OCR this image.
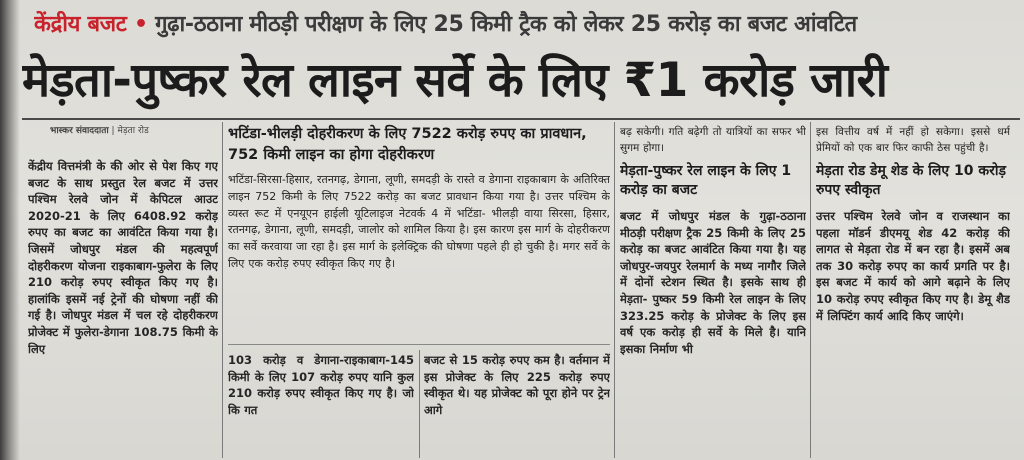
केंद्रीय बजट • गुढ़ा-ठठाना मीठड़ी परीक्षण के लिए 25 किमी ट्रैक को लेकर 25 करोड़ का बजट आंवटित
मेड़ता-पुष्कर रेल लाइन सर्वे के लिए ₹1 करोड़ जारी
भास्कर संवाददाता | मेड़ता रोड

केंद्रीय वित्तमंत्री के की ओर से पेश किए गए बजट के साथ प्रस्तुत रेल बजट में उत्तर पश्चिम रेलवे जोन में केपिटल आउट 2020-21 के लिए 6408.92 करोड़ रुपए का बजट का आवंटित किया गया है। जिसमें जोधपुर मंडल की महत्वपूर्ण दोहरीकरण योजना राइकाबाग-फुलेरा के लिए 210 करोड़ रुपए स्वीकृत किए गए है। हालांकि इसमें नई ट्रेनों की घोषणा नहीं की गई है। जोधपुर मंडल में चल रहे दोहरीकरण प्रोजेक्ट में फुलेरा-डेगाना 108.75 किमी के लिए

भटिंडा-भीलड़ी दोहरीकरण के लिए 7522 करोड़ रुपए का प्रावधान, 752 किमी लाइन का होगा दोहरीकरण

भटिंडा-सिरसा-हिसार, रतनगढ़, डेगाना, लूणी, समदड़ी के रास्ते व डेगाना राइकाबाग के अतिरिक्त लाइन 752 किमी के लिए 7522 करोड़ का बजट प्रावधान किया गया है। उत्तर पश्चिम के व्यस्त रूट में एनयूएन हाईली यूटिलाइज नेटवर्क 4 में भटिंडा- भीलड़ी वाया सिरसा, हिसार, रतनगढ़, डेगाना, लूणी, समदड़ी, जालोर को शामिल किया है। इस कारण इस मार्ग के दोहरीकरण का सर्वे करवाया जा रहा है। इस मार्ग के इलेक्ट्रिक की घोषणा पहले ही हो चुकी है। मगर सर्वे के लिए एक करोड़ रुपए स्वीकृत किए गए है।

103 करोड़ व डेगाना-राइकाबाग-145 किमी के लिए 107 करोड़ रुपए यानि कुल 210 करोड़ रुपए स्वीकृत किए गए है। जो कि गत

बजट से 15 करोड़ रुपए कम है। वर्तमान में इस प्रोजेक्ट के लिए 225 करोड़ रुपए स्वीकृत थे। यह प्रोजेक्ट को पूरा होने पर ट्रेन आगे

बढ़ सकेगी। गति बढ़ेगी तो यात्रियों का सफर भी सुगम होगा।

मेड़ता-पुष्कर रेल लाइन के लिए 1 करोड़ का बजट

बजट में जोधपुर मंडल के गुढ़ा-ठठाना मीठड़ी परीक्षण ट्रैक 25 किमी के लिए 25 करोड़ का बजट आवंटित किया गया है। यह जोधपुर-जयपुर रेलमार्ग के मध्य नागौर जिले में दोनों स्टेशन स्थित है। इसके साथ ही मेड़ता- पुष्कर 59 किमी रेल लाइन के लिए 323.25 करोड़ के प्रोजेक्ट के लिए इस वर्ष एक करोड़ ही सर्वे के मिले है। यानि इसका निर्माण भी

इस वित्तीय वर्ष में नहीं हो सकेगा। इससे धर्म प्रेमियों को एक बार फिर काफी ठेस पहुंची है।

मेड़ता रोड डेमू शेड के लिए 10 करोड़ रुपए स्वीकृत

उत्तर पश्चिम रेलवे जोन व राजस्थान का पहला मॉडर्न डीएमयू शेड 42 करोड़ की लागत से मेड़ता रोड में बन रहा है। इसमें अब तक 30 करोड़ रुपए का कार्य प्रगति पर है। इस बजट में कार्य को आगे बढ़ाने के लिए 10 करोड़ रुपए स्वीकृत किए गए है। डेमू शैड में लिफ्टिंग कार्य आदि किए जाएंगे।
